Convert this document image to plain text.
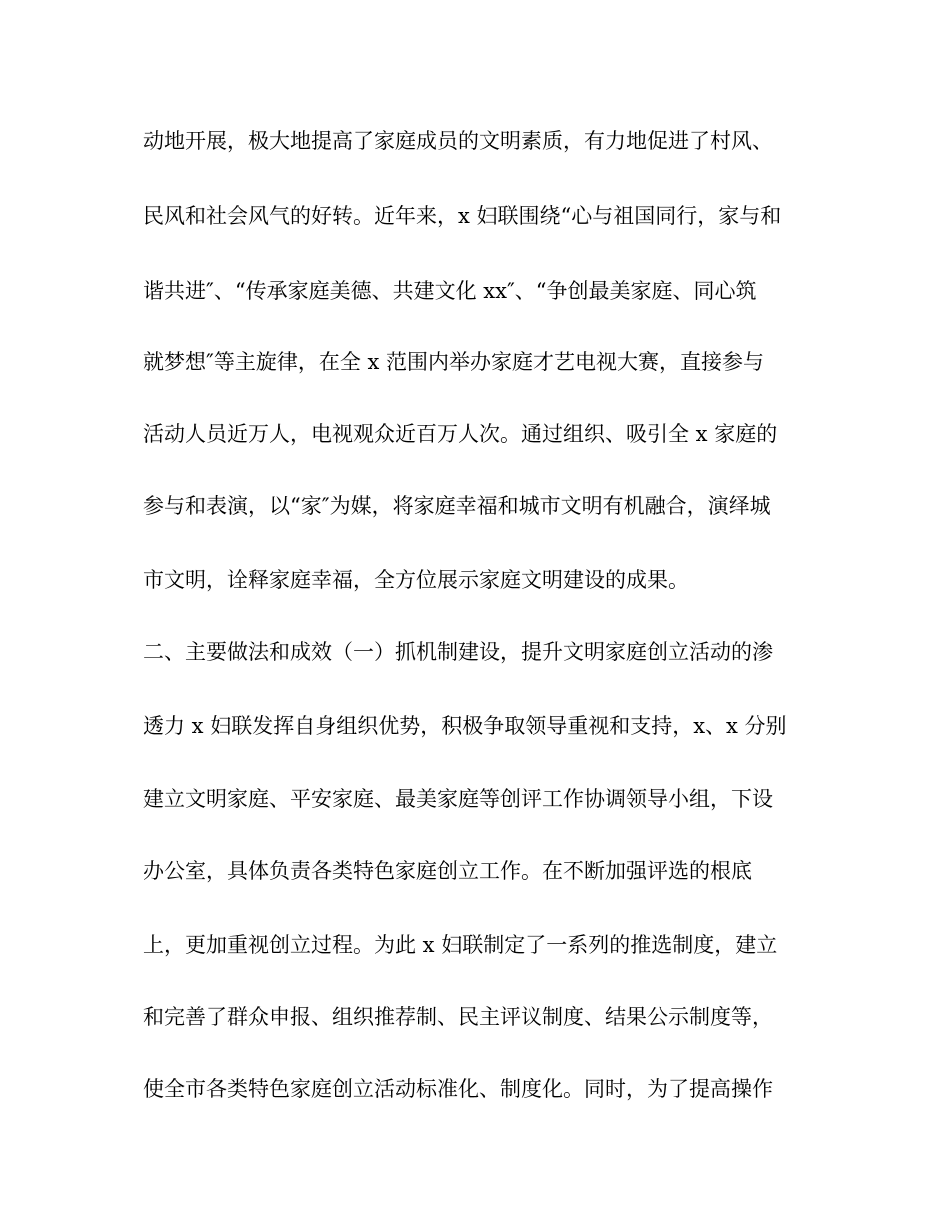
动地开展，极大地提高了家庭成员的文明素质，有力地促进了村风、
民风和社会风气的好转。近年来，x 妇联围绕“心与祖国同行，家与和
谐共进″、“传承家庭美德、共建文化 xx″、“争创最美家庭、同心筑
就梦想″等主旋律，在全 x 范围内举办家庭才艺电视大赛，直接参与
活动人员近万人，电视观众近百万人次。通过组织、吸引全 x 家庭的
参与和表演，以“家″为媒，将家庭幸福和城市文明有机融合，演绎城
市文明，诠释家庭幸福，全方位展示家庭文明建设的成果。
二、主要做法和成效（一）抓机制建设，提升文明家庭创立活动的渗
透力 x 妇联发挥自身组织优势，积极争取领导重视和支持，x、x 分别
建立文明家庭、平安家庭、最美家庭等创评工作协调领导小组，下设
办公室，具体负责各类特色家庭创立工作。在不断加强评选的根底
上，更加重视创立过程。为此 x 妇联制定了一系列的推选制度，建立
和完善了群众申报、组织推荐制、民主评议制度、结果公示制度等，
使全市各类特色家庭创立活动标准化、制度化。同时，为了提高操作
